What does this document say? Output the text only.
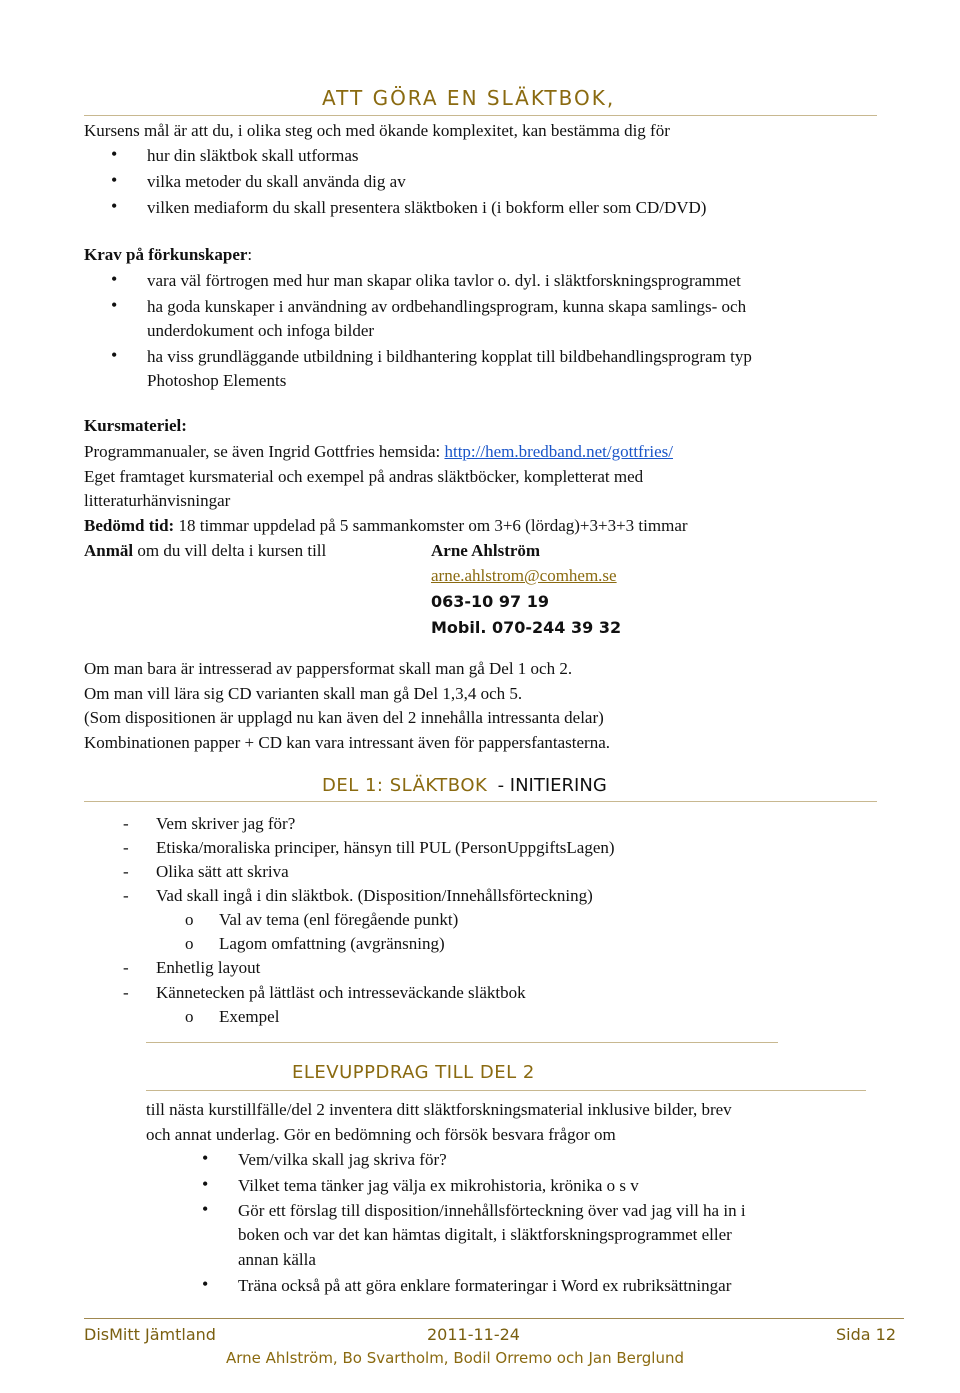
ATT GÖRA EN SLÄKTBOK,
Kursens mål är att du, i olika steg och med ökande komplexitet, kan bestämma dig för
• hur din släktbok skall utformas
• vilka metoder du skall använda dig av
• vilken mediaform du skall presentera släktboken i (i bokform eller som CD/DVD)
Krav på förkunskaper:
• vara väl förtrogen med hur man skapar olika tavlor o. dyl. i släktforskningsprogrammet
• ha goda kunskaper i användning av ordbehandlingsprogram, kunna skapa samlings- och
underdokument och infoga bilder
• ha viss grundläggande utbildning i bildhantering kopplat till bildbehandlingsprogram typ
Photoshop Elements
Kursmateriel:
Programmanualer, se även Ingrid Gottfries hemsida: http://hem.bredband.net/gottfries/
Eget framtaget kursmaterial och exempel på andras släktböcker, kompletterat med
litteraturhänvisningar
Bedömd tid: 18 timmar uppdelad på 5 sammankomster om 3+6 (lördag)+3+3+3 timmar
Anmäl om du vill delta i kursen till	Arne Ahlström
arne.ahlstrom@comhem.se
063-10 97 19
Mobil. 070-244 39 32
Om man bara är intresserad av pappersformat skall man gå Del 1 och 2.
Om man vill lära sig CD varianten skall man gå Del 1,3,4 och 5.
(Som dispositionen är upplagd nu kan även del 2 innehålla intressanta delar)
Kombinationen papper + CD kan vara intressant även för pappersfantasterna.
DEL 1: SLÄKTBOK - INITIERING
- Vem skriver jag för?
- Etiska/moraliska principer, hänsyn till PUL (PersonUppgiftsLagen)
- Olika sätt att skriva
- Vad skall ingå i din släktbok. (Disposition/Innehållsförteckning)
o Val av tema (enl föregående punkt)
o Lagom omfattning (avgränsning)
- Enhetlig layout
- Kännetecken på lättläst och intresseväckande släktbok
o Exempel
ELEVUPPDRAG TILL DEL 2
till nästa kurstillfälle/del 2 inventera ditt släktforskningsmaterial inklusive bilder, brev
och annat underlag. Gör en bedömning och försök besvara frågor om
• Vem/vilka skall jag skriva för?
• Vilket tema tänker jag välja ex mikrohistoria, krönika o s v
• Gör ett förslag till disposition/innehållsförteckning över vad jag vill ha in i
boken och var det kan hämtas digitalt, i släktforskningsprogrammet eller
annan källa
• Träna också på att göra enklare formateringar i Word ex rubriksättningar
DisMitt Jämtland	2011-11-24	Sida 12
Arne Ahlström, Bo Svartholm, Bodil Orremo och Jan Berglund
